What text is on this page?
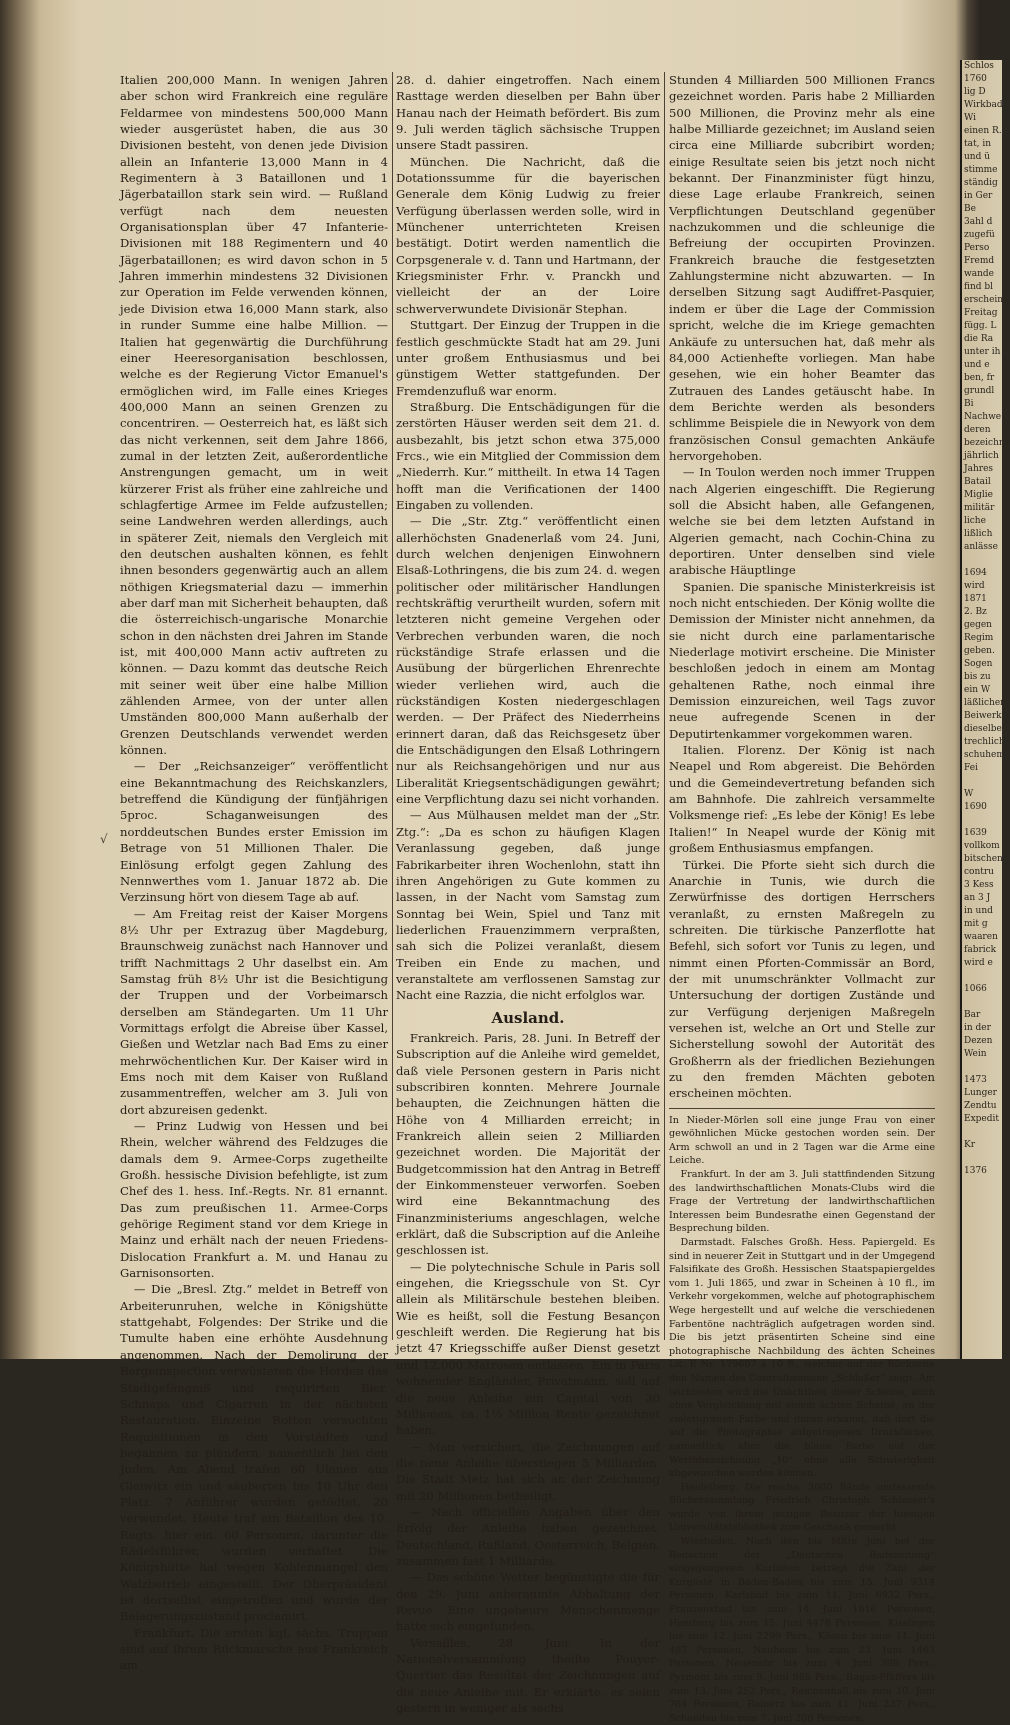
Italien 200,000 Mann. In wenigen Jahren aber schon wird Frankreich eine reguläre Feldarmee von mindestens 500,000 Mann wieder ausgerüstet haben, die aus 30 Divisionen besteht, von denen jede Division allein an Infanterie 13,000 Mann in 4 Regimentern à 3 Bataillonen und 1 Jägerbataillon stark sein wird. — Rußland verfügt nach dem neuesten Organisationsplan über 47 Infanterie-Divisionen mit 188 Regimentern und 40 Jägerbataillonen; es wird davon schon in 5 Jahren immerhin mindestens 32 Divisionen zur Operation im Felde verwenden können, jede Division etwa 16,000 Mann stark, also in runder Summe eine halbe Million. — Italien hat gegenwärtig die Durchführung einer Heeresorganisation beschlossen, welche es der Regierung Victor Emanuel's ermöglichen wird, im Falle eines Krieges 400,000 Mann an seinen Grenzen zu concentriren. — Oesterreich hat, es läßt sich das nicht verkennen, seit dem Jahre 1866, zumal in der letzten Zeit, außerordentliche Anstrengungen gemacht, um in weit kürzerer Frist als früher eine zahlreiche und schlagfertige Armee im Felde aufzustellen; seine Landwehren werden allerdings, auch in späterer Zeit, niemals den Vergleich mit den deutschen aushalten können, es fehlt ihnen besonders gegenwärtig auch an allem nöthigen Kriegsmaterial dazu — immerhin aber darf man mit Sicherheit behaupten, daß die österreichisch-ungarische Monarchie schon in den nächsten drei Jahren im Stande ist, mit 400,000 Mann activ auftreten zu können. — Dazu kommt das deutsche Reich mit seiner weit über eine halbe Million zählenden Armee, von der unter allen Umständen 800,000 Mann außerhalb der Grenzen Deutschlands verwendet werden können.

— Der „Reichsanzeiger“ veröffentlicht eine Bekanntmachung des Reichskanzlers, betreffend die Kündigung der fünfjährigen 5proc. Schaganweisungen des norddeutschen Bundes erster Emission im Betrage von 51 Millionen Thaler. Die Einlösung erfolgt gegen Zahlung des Nennwerthes vom 1. Januar 1872 ab. Die Verzinsung hört von diesem Tage ab auf.

— Am Freitag reist der Kaiser Morgens 8½ Uhr per Extrazug über Magdeburg, Braunschweig zunächst nach Hannover und trifft Nachmittags 2 Uhr daselbst ein. Am Samstag früh 8½ Uhr ist die Besichtigung der Truppen und der Vorbeimarsch derselben am Ständegarten. Um 11 Uhr Vormittags erfolgt die Abreise über Kassel, Gießen und Wetzlar nach Bad Ems zu einer mehrwöchentlichen Kur. Der Kaiser wird in Ems noch mit dem Kaiser von Rußland zusammentreffen, welcher am 3. Juli von dort abzureisen gedenkt.

— Prinz Ludwig von Hessen und bei Rhein, welcher während des Feldzuges die damals dem 9. Armee-Corps zugetheilte Großh. hessische Division befehligte, ist zum Chef des 1. hess. Inf.-Regts. Nr. 81 ernannt. Das zum preußischen 11. Armee-Corps gehörige Regiment stand vor dem Kriege in Mainz und erhält nach der neuen Friedens-Dislocation Frankfurt a. M. und Hanau zu Garnisonsorten.

— Die „Bresl. Ztg.“ meldet in Betreff von Arbeiterunruhen, welche in Königshütte stattgehabt, Folgendes: Der Strike und die Tumulte haben eine erhöhte Ausdehnung angenommen. Nach der Demolirung der Bergeinspection verwüsteten die Horden das Stadtgefängniß und requirirten Bier, Schnaps und Cigarren in der nächsten Restauration. Einzelne Rotten versuchten Requisitionen in den Vorstädten und begannen zu plündern, namentlich bei den Juden. Am Abend trafen 60 Ulanen aus Gleiwitz ein und säuberten bis 10 Uhr den Platz. 7 Anführer wurden getödtet, 20 verwundet. Heute traf ein Bataillon des 10. Regts. hier ein. 60 Personen, darunter die Rädelsführer, wurden verhaftet. Die Königshütte hat wegen Kohlenmangel den Walzbetrieb eingestellt. Der Oberpräsident ist dortselbst eingetroffen und wurde der Belagerungszustand proclamirt.

Frankfurt. Die ersten kgl. sächs. Truppen sind auf ihrem Rückmarsche aus Frankreich am

28. d. dahier eingetroffen. Nach einem Rasttage werden dieselben per Bahn über Hanau nach der Heimath befördert. Bis zum 9. Juli werden täglich sächsische Truppen unsere Stadt passiren.

München. Die Nachricht, daß die Dotationssumme für die bayerischen Generale dem König Ludwig zu freier Verfügung überlassen werden solle, wird in Münchener unterrichteten Kreisen bestätigt. Dotirt werden namentlich die Corpsgenerale v. d. Tann und Hartmann, der Kriegsminister Frhr. v. Pranckh und vielleicht der an der Loire schwerverwundete Divisionär Stephan.

Stuttgart. Der Einzug der Truppen in die festlich geschmückte Stadt hat am 29. Juni unter großem Enthusiasmus und bei günstigem Wetter stattgefunden. Der Fremdenzufluß war enorm.

Straßburg. Die Entschädigungen für die zerstörten Häuser werden seit dem 21. d. ausbezahlt, bis jetzt schon etwa 375,000 Frcs., wie ein Mitglied der Commission dem „Niederrh. Kur.“ mittheilt. In etwa 14 Tagen hofft man die Verificationen der 1400 Eingaben zu vollenden.

— Die „Str. Ztg.“ veröffentlicht einen allerhöchsten Gnadenerlaß vom 24. Juni, durch welchen denjenigen Einwohnern Elsaß-Lothringens, die bis zum 24. d. wegen politischer oder militärischer Handlungen rechtskräftig verurtheilt wurden, sofern mit letzteren nicht gemeine Vergehen oder Verbrechen verbunden waren, die noch rückständige Strafe erlassen und die Ausübung der bürgerlichen Ehrenrechte wieder verliehen wird, auch die rückständigen Kosten niedergeschlagen werden. — Der Präfect des Niederrheins erinnert daran, daß das Reichsgesetz über die Entschädigungen den Elsaß Lothringern nur als Reichsangehörigen und nur aus Liberalität Kriegsentschädigungen gewährt; eine Verpflichtung dazu sei nicht vorhanden.

— Aus Mülhausen meldet man der „Str. Ztg.“: „Da es schon zu häufigen Klagen Veranlassung gegeben, daß junge Fabrikarbeiter ihren Wochenlohn, statt ihn ihren Angehörigen zu Gute kommen zu lassen, in der Nacht vom Samstag zum Sonntag bei Wein, Spiel und Tanz mit liederlichen Frauenzimmern verpraßten, sah sich die Polizei veranlaßt, diesem Treiben ein Ende zu machen, und veranstaltete am verflossenen Samstag zur Nacht eine Razzia, die nicht erfolglos war.

Ausland.

Frankreich. Paris, 28. Juni. In Betreff der Subscription auf die Anleihe wird gemeldet, daß viele Personen gestern in Paris nicht subscribiren konnten. Mehrere Journale behaupten, die Zeichnungen hätten die Höhe von 4 Milliarden erreicht; in Frankreich allein seien 2 Milliarden gezeichnet worden. Die Majorität der Budgetcommission hat den Antrag in Betreff der Einkommensteuer verworfen. Soeben wird eine Bekanntmachung des Finanzministeriums angeschlagen, welche erklärt, daß die Subscription auf die Anleihe geschlossen ist.

— Die polytechnische Schule in Paris soll eingehen, die Kriegsschule von St. Cyr allein als Militärschule bestehen bleiben. Wie es heißt, soll die Festung Besançon geschleift werden. Die Regierung hat bis jetzt 47 Kriegsschiffe außer Dienst gesetzt und 12,000 Matrosen entlassen. Ein in Paris wohnender Engländer, Privatmann, soll auf die neue Anleihe ein Capital von 30 Millionen, ca. 1½ Million Rente gezeichnet haben.

— Man versichert, die Zeichnungen auf die neue Anleihe überstiegen 5 Milliarden. Die Stadt Metz hat sich an der Zeichnung mit 20 Millionen betheiligt.

— Nach officiellen Angaben über den Erfolg der Anleihe haben gezeichnet: Deutschland, Rußland, Oesterreich, Belgien, zusammen fast 1 Milliarde.

— Das schöne Wetter begünstigte die für den 29. Juni anberaumte Abhaltung der Revue. Eine ungeheure Menschenmenge hatte sich eingefunden.

Versailles, 28. Juni. In der Nationalversammlung theilte Pouyer-Quertier das Resultat der Zeichnungen auf die neue Anleihe mit. Er erklärte, es seien gestern in weniger als sechs

Stunden 4 Milliarden 500 Millionen Francs gezeichnet worden. Paris habe 2 Milliarden 500 Millionen, die Provinz mehr als eine halbe Milliarde gezeichnet; im Ausland seien circa eine Milliarde subcribirt worden; einige Resultate seien bis jetzt noch nicht bekannt. Der Finanzminister fügt hinzu, diese Lage erlaube Frankreich, seinen Verpflichtungen Deutschland gegenüber nachzukommen und die schleunige die Befreiung der occupirten Provinzen. Frankreich brauche die festgesetzten Zahlungstermine nicht abzuwarten. — In derselben Sitzung sagt Audiffret-Pasquier, indem er über die Lage der Commission spricht, welche die im Kriege gemachten Ankäufe zu untersuchen hat, daß mehr als 84,000 Actienhefte vorliegen. Man habe gesehen, wie ein hoher Beamter das Zutrauen des Landes getäuscht habe. In dem Berichte werden als besonders schlimme Beispiele die in Newyork von dem französischen Consul gemachten Ankäufe hervorgehoben.

— In Toulon werden noch immer Truppen nach Algerien eingeschifft. Die Regierung soll die Absicht haben, alle Gefangenen, welche sie bei dem letzten Aufstand in Algerien gemacht, nach Cochin-China zu deportiren. Unter denselben sind viele arabische Häuptlinge

Spanien. Die spanische Ministerkreisis ist noch nicht entschieden. Der König wollte die Demission der Minister nicht annehmen, da sie nicht durch eine parlamentarische Niederlage motivirt erscheine. Die Minister beschloßen jedoch in einem am Montag gehaltenen Rathe, noch einmal ihre Demission einzureichen, weil Tags zuvor neue aufregende Scenen in der Deputirtenkammer vorgekommen waren.

Italien. Florenz. Der König ist nach Neapel und Rom abgereist. Die Behörden und die Gemeindevertretung befanden sich am Bahnhofe. Die zahlreich versammelte Volksmenge rief: „Es lebe der König! Es lebe Italien!“ In Neapel wurde der König mit großem Enthusiasmus empfangen.

Türkei. Die Pforte sieht sich durch die Anarchie in Tunis, wie durch die Zerwürfnisse des dortigen Herrschers veranlaßt, zu ernsten Maßregeln zu schreiten. Die türkische Panzerflotte hat Befehl, sich sofort vor Tunis zu legen, und nimmt einen Pforten-Commissär an Bord, der mit unumschränkter Vollmacht zur Untersuchung der dortigen Zustände und zur Verfügung derjenigen Maßregeln versehen ist, welche an Ort und Stelle zur Sicherstellung sowohl der Autorität des Großherrn als der friedlichen Beziehungen zu den fremden Mächten geboten erscheinen möchten.

In Nieder-Mörlen soll eine junge Frau von einer gewöhnlichen Mücke gestochen worden sein. Der Arm schwoll an und in 2 Tagen war die Arme eine Leiche.

Frankfurt. In der am 3. Juli stattfindenden Sitzung des landwirthschaftlichen Monats-Clubs wird die Frage der Vertretung der landwirthschaftlichen Interessen beim Bundesrathe einen Gegenstand der Besprechung bilden.

Darmstadt. Falsches Großh. Hess. Papiergeld. Es sind in neuerer Zeit in Stuttgart und in der Umgegend Falsifikate des Großh. Hessischen Staatspapiergeldes vom 1. Juli 1865, und zwar in Scheinen à 10 fl., im Verkehr vorgekommen, welche auf photographischem Wege hergestellt und auf welche die verschiedenen Farbentöne nachträglich aufgetragen worden sind. Die bis jetzt präsentirten Scheine sind eine photographische Nachbildung des ächten Scheines Lit. E Nr. 179607 à 10 fl., welcher auf der Rückseite den Namen des Controlbeamten „Schloßer“ zeigt. Am leichtesten wird die Unächtheit dieser Scheine, auch ohne Vergleichung mit einem ächten Scheine, an der violettgrauen Farbe und daran erkannt, daß dort die auf die Photographie aufgetragenen Druckfarben, namentlich aber die blaue Farbe auf der Werthbezeichnung „10“ ohne alle Schwierigkeit abgewaschen werden können.

Heidelberg. Die reiche, 3000 Bände umfassende Büchersammlung Friedrich Christoph Schlosser's wurde von ihrem jetzigen Besitzer der hiesigen Universitätsbibliothek zum Geschenk gemacht.

Wiesbaden. Nach den bis Mitte Juni bei der Redaction der „Deutschen Badezeitung“ eingegangenen Kurlisten beträgt die Zahl der Kurgäste in Baden-Baden bis zum 15. Juni 9314 Personen, Karlsbad bis zum 11. Juni 6932 Pers., Franzensbad bis zum 14. Juni 1616 Personen, Homburg bis zum 15. Juni 4478 Personen, Kissingen bis zum 12. Juni 2299 Pers., Kösen bis zum 11. Juni 487 Personen, Nauheim bis zum 23. Juni 1463 Personen, Neuenahr bis zum 4. Juni 399 Pers., Pyrmont bis zum 9. Juni 985 Pers., Ragaz-Pfäffers bis zum 13. Juni 252 Pers., Reichenhall bis zum 10. Juni 764 Personen, Reinerz bis zum 11. Juni 237 Pers., Schandau bis zum 7. Juni 200 Personen,

√
Schlos
1760
lig D
Wirkbad
Wi
einen R.
tat, in
und ü
stimme
ständig
in Ger
Be
3ahl d
zugefü
Perso
Fremd
wande
find bl
erscheint
Freitag
függ. L
die Ra
unter ih
und e
ben, fr
grundl
Bi
Nachwe
deren
bezeichne
jährlich
Jahres
Batail
Miglie
militär
liche
lißlich
anlässe

1694
wird
1871
2. Bz
gegen
Regim
geben.
Sogen
bis zu
ein W
läßlichen
Beiwerk
dieselbe
trechlich
schuhem
Fei

W
1690

1639
vollkom
bitschen
contru
3 Kess
an 3 J
in und
mit g
waaren
fabrick
wird e

1066

Bar
in der
Dezen
Wein

1473
Lunger
Zendtu
Expedit

Kr

1376
